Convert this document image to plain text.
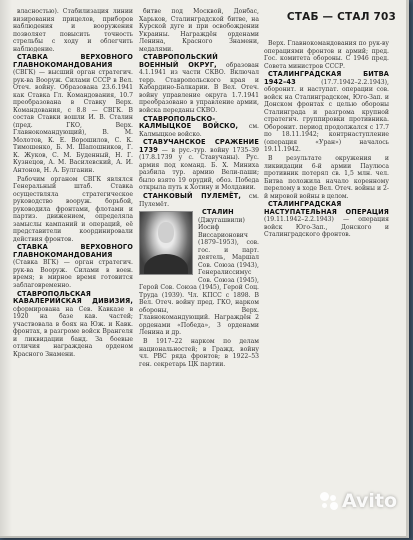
СТАБ — СТАЛ 703

власностью). Стабилизация линии визирования прицелов, приборов наблюдения и вооружения позволяет повысить точность стрельбы с ходу и облегчить наблюдение.

СТАВКА ВЕРХОВНОГО ГЛАВНОКОМАНДОВАНИЯ (СВГК) — высший орган стратегич. рук-ва Вооруж. Силами СССР в Вел. Отеч. войну. Образована 23.6.1941 как Ставка Гл. Командования, 10.7 преобразована в Ставку Верх. Командования, с 8.8 — СВГК. В состав Ставки вошли И. В. Сталин (пред. ГКО, Верх. Главнокомандующий), В. М. Молотов, К. Е. Ворошилов, С. К. Тимошенко, Б. М. Шапошников, Г. К. Жуков, С. М. Буденный, Н. Г. Кузнецов, А. М. Василевский, А. И. Антонов, Н. А. Булганин.

Рабочим органом СВГК являлся Генеральный штаб. Ставка осуществляла стратегическое руководство вооруж. борьбой, руководила фронтами, флотами и партиз. движением, определяла замыслы кампаний и операций, её представители координировали действия фронтов.

СТАВКА ВЕРХОВНОГО ГЛАВНОКОМАНДОВАНИЯ (Ставка ВГК) — орган стратегич. рук-ва Вооруж. Силами в воен. время; в мирное время готовится заблаговременно.

СТАВРОПОЛЬСКАЯ КАВАЛЕРИЙСКАЯ ДИВИЗИЯ, сформирована на Сев. Кавказе в 1920 на базе кав. частей; участвовала в боях на Юж. и Кавк. фронтах, в разгроме войск Врангеля и ликвидации банд. За боевые отличия награждена орденом Красного Знамени.

битве под Москвой, Донбас, Харьков, Сталинградской битве, на Курской дуге и при освобождении Украины. Награждён орденами Ленина, Красного Знамени, медалями.

СТАВРОПОЛЬСКИЙ ВОЕННЫЙ ОКРУГ, образован 4.1.1941 из части СКВО. Включал терр. Ставропольского края и Кабардино-Балкарии. В Вел. Отеч. войну управление округа 1.7.1941 преобразовано в управление армии, войска переданы СКВО.

СТАВРОПОЛЬСКО-КАЛМЫЦКОЕ ВОЙСКО, см. Калмыцкое войско.

СТАВУЧАНСКОЕ СРАЖЕНИЕ 1739 — в рус.-тур. войну 1735–39 (17.8.1739 у с. Ставучаны). Рус. армия под команд. Б. Х. Миниха разбила тур. армию Вели-паши; было взято 19 орудий, обоз. Победа открыла путь к Хотину и Молдавии.

СТАНКОВЫЙ ПУЛЕМЁТ, см. Пулемёт.

СТАЛИН (Джугашвили) Иосиф Виссарионович (1879–1953), сов. гос. и парт. деятель, Маршал Сов. Союза (1943), Генералиссимус Сов. Союза (1945), Герой Сов. Союза (1945), Герой Соц. Труда (1939). Чл. КПСС с 1898. В Вел. Отеч. войну пред. ГКО, нарком обороны, Верх. Главнокомандующий. Награждён 2 орденами «Победа», 3 орденами Ленина и др.

В 1917–22 нарком по делам национальностей; в Гражд. войну чл. РВС ряда фронтов; в 1922–53 ген. секретарь ЦК партии.

Верх. Главнокомандования по рук-ву операциями фронтов и армий; пред. Гос. комитета обороны. С 1946 пред. Совета министров СССР.

СТАЛИНГРАДСКАЯ БИТВА 1942–43	(17.7.1942–2.2.1943), оборонит. и наступат. операции сов. войск на Сталинградском, Юго-Зап. и Донском фронтах с целью обороны Сталинграда и разгрома крупной стратегич. группировки противника. Оборонит. период продолжался с 17.7 по 18.11.1942; контрнаступление (операция «Уран») началось 19.11.1942.

В результате окружения и ликвидации 6-й армии Паулюса противник потерял св. 1,5 млн. чел. Битва положила начало коренному перелому в ходе Вел. Отеч. войны и 2-й мировой войны в целом.

СТАЛИНГРАДСКАЯ НАСТУПАТЕЛЬНАЯ ОПЕРАЦИЯ (19.11.1942–2.2.1943) — операция войск Юго-Зап., Донского и Сталинградского фронтов.

Avito
